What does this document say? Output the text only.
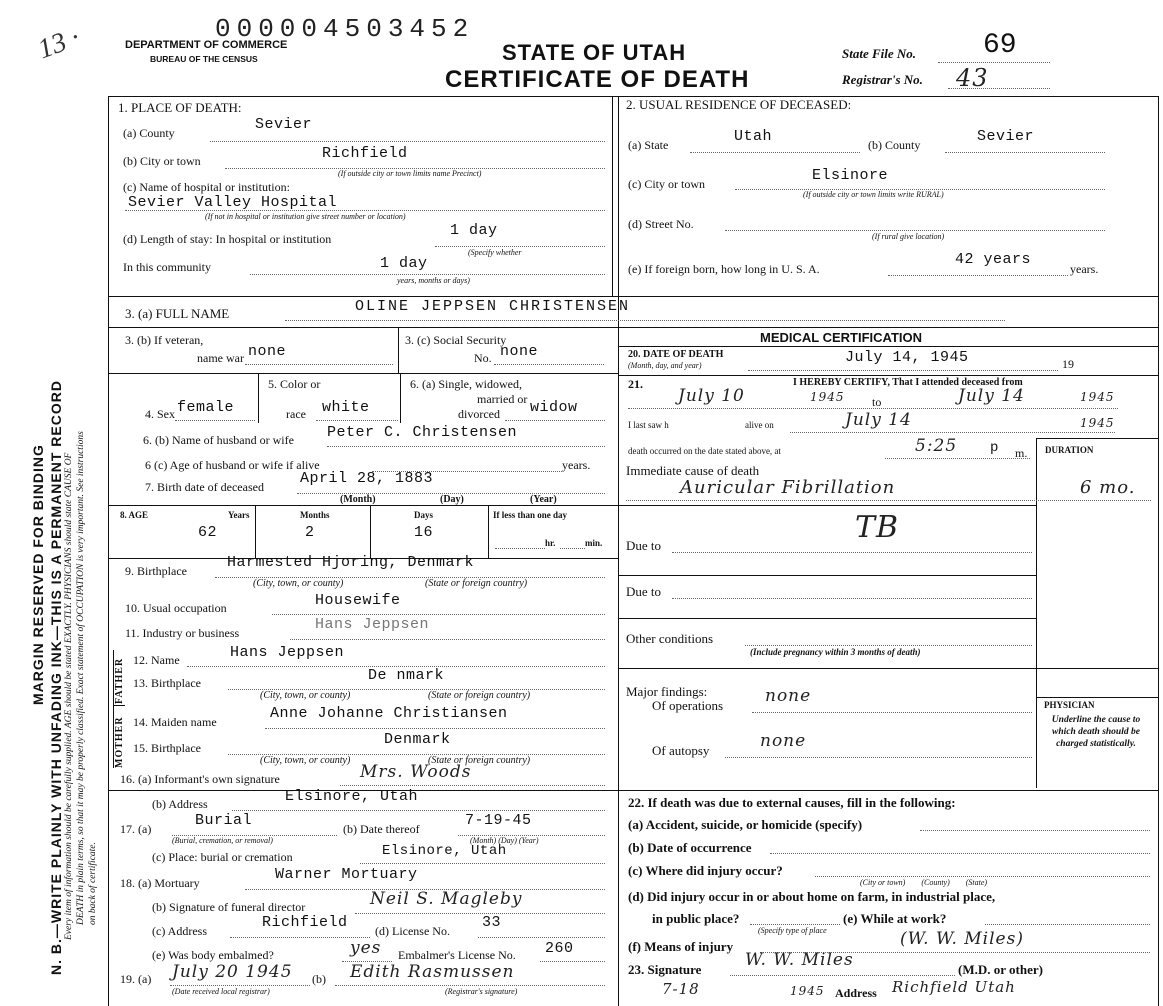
MARGIN RESERVED FOR BINDING N. B.—WRITE PLAINLY WITH UNFADING INK—THIS IS A PERMANENT RECORD Every item of information should be carefully supplied. AGE should be stated EXACTLY. PHYSICIANS should state CAUSE OF DEATH in plain terms, so that it may be properly classified. Exact statement of OCCUPATION is very important. See instructions on back of certificate.
13 ·	000004503452
DEPARTMENT OF COMMERCE
BUREAU OF THE CENSUS	STATE OF UTAH
CERTIFICATE OF DEATH
State File No. 69
Registrar's No. 43
1. PLACE OF DEATH:
(a) County	Sevier
(b) City or town	Richfield
(If outside city or town limits name Precinct)
(c) Name of hospital or institution:
Sevier Valley Hospital
(If not in hospital or institution give street number or location)
(d) Length of stay: In hospital or institution	1 day
(Specify whether
In this community	1 day
years, months or days)
2. USUAL RESIDENCE OF DECEASED:
(a) State	Utah	(b) County	Sevier
(c) City or town	Elsinore
(If outside city or town limits write RURAL)
(d) Street No.
(If rural give location)
(e) If foreign born, how long in U. S. A.
42 years
years.
3. (a) FULL NAME	OLINE JEPPSEN CHRISTENSEN
3. (b) If veteran,
name war none
3. (c) Social Security
No. none
5. Color or	6. (a) Single, widowed,
married or
4. Sex female	race white	divorced widow
6. (b) Name of husband or wife Peter C. Christensen
6 (c) Age of husband or wife if alive	years.
7. Birth date of deceased April 28, 1883
(Month)	(Day)	(Year)
8. AGE	Years	Months	Days	If less than one day
62	2	16
hr.	min.
9. Birthplace	Harmested Hjoring, Denmark
(City, town, or county)	(State or foreign country)
10. Usual occupation	Housewife
11. Industry or business	Hans Jeppsen
FATHER
MOTHER
12. Name	Hans Jeppsen
13. Birthplace	De nmark
(City, town, or county)	(State or foreign country)
14. Maiden name	Anne Johanne Christiansen
15. Birthplace	Denmark
(City, town, or county)	(State or foreign country)
16. (a) Informant's own signature	Mrs. Woods
(b) Address	Elsinore, Utah
17. (a)	Burial
(Burial, cremation, or removal)
(b) Date thereof	7-19-45
(Month) (Day) (Year)
(c) Place: burial or cremation	Elsinore, Utah
18. (a) Mortuary	Warner Mortuary
(b) Signature of funeral director	Neil S. Magleby
(c) Address	Richfield (d) License No. 33
(e) Was body embalmed?	yes Embalmer's License No. 260
19. (a) July 20 1945
(Date received local registrar)
(b) Edith Rasmussen
(Registrar's signature)
MEDICAL CERTIFICATION
20. DATE OF DEATH
(Month, day, and year)	July 14, 1945	19
21.	I HEREBY CERTIFY, That I attended deceased from
July 10	1945 to	July 14	1945
I last saw h	alive on	July 14	1945
death occurred on the date stated above, at	5:25 p m. DURATION
Immediate cause of death
Auricular Fibrillation	6 mo.
TB
Due to
Due to
Other conditions
(Include pregnancy within 3 months of death)
Major findings:
Of operations none
Of autopsy	none
PHYSICIAN
Underline the cause to which death should be charged statistically.
22. If death was due to external causes, fill in the following:
(a) Accident, suicide, or homicide (specify)
(b) Date of occurrence
(c) Where did injury occur?
(City or town)        (County)        (State)
(d) Did injury occur in or about home on farm, in industrial place,
in public place?	(e) While at work?
(Specify type of place
(f) Means of injury	(W. W. Miles)
23. Signature	W. W. Miles	(M.D. or other)
7-18	1945 Address Richfield Utah
